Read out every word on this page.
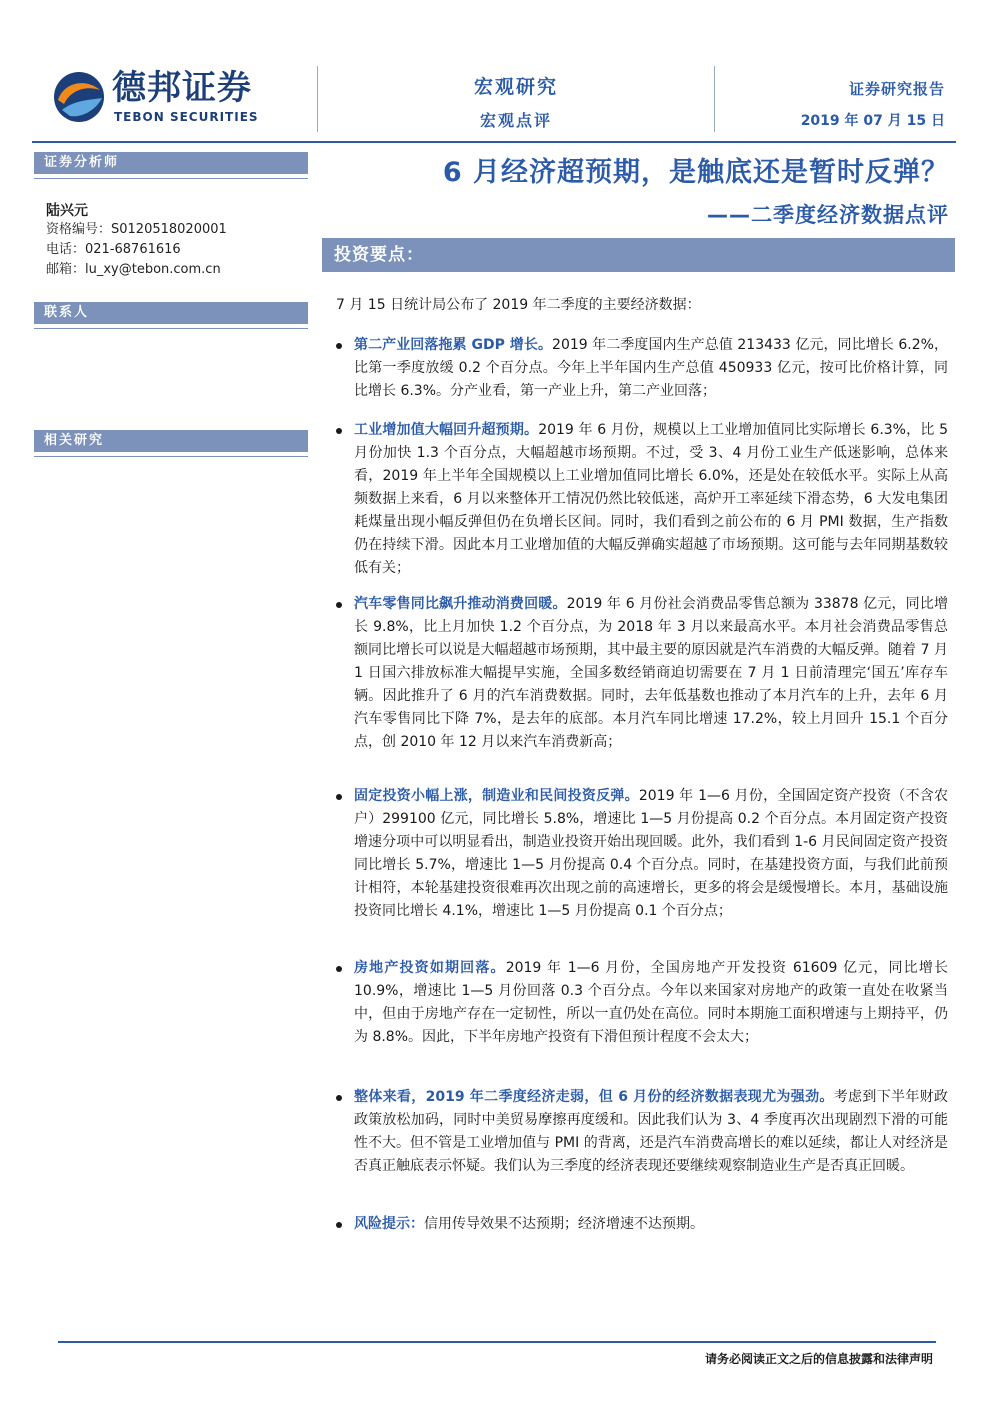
德邦证券
TEBON SECURITIES
宏观研究
宏观点评
证券研究报告
2019 年 07 月 15 日
证券分析师
陆兴元
资格编号：S0120518020001
电话：021-68761616
邮箱：lu_xy@tebon.com.cn
联系人
相关研究
6 月经济超预期，是触底还是暂时反弹？
——二季度经济数据点评
投资要点：
7 月 15 日统计局公布了 2019 年二季度的主要经济数据：
第二产业回落拖累 GDP 增长。2019 年二季度国内生产总值 213433 亿元，同比增长 6.2%，比第一季度放缓 0.2 个百分点。今年上半年国内生产总值 450933 亿元，按可比价格计算，同比增长 6.3%。分产业看，第一产业上升，第二产业回落；
工业增加值大幅回升超预期。2019 年 6 月份，规模以上工业增加值同比实际增长 6.3%，比 5 月份加快 1.3 个百分点，大幅超越市场预期。不过，受 3、4 月份工业生产低迷影响，总体来看，2019 年上半年全国规模以上工业增加值同比增长 6.0%，还是处在较低水平。实际上从高频数据上来看，6 月以来整体开工情况仍然比较低迷，高炉开工率延续下滑态势，6 大发电集团耗煤量出现小幅反弹但仍在负增长区间。同时，我们看到之前公布的 6 月 PMI 数据，生产指数仍在持续下滑。因此本月工业增加值的大幅反弹确实超越了市场预期。这可能与去年同期基数较低有关；
汽车零售同比飙升推动消费回暖。2019 年 6 月份社会消费品零售总额为 33878 亿元，同比增长 9.8%，比上月加快 1.2 个百分点，为 2018 年 3 月以来最高水平。本月社会消费品零售总额同比增长可以说是大幅超越市场预期，其中最主要的原因就是汽车消费的大幅反弹。随着 7 月 1 日国六排放标准大幅提早实施，全国多数经销商迫切需要在 7 月 1 日前清理完‘国五’库存车辆。因此推升了 6 月的汽车消费数据。同时，去年低基数也推动了本月汽车的上升，去年 6 月汽车零售同比下降 7%，是去年的底部。本月汽车同比增速 17.2%，较上月回升 15.1 个百分点，创 2010 年 12 月以来汽车消费新高；
固定投资小幅上涨，制造业和民间投资反弹。2019 年 1—6 月份，全国固定资产投资（不含农户）299100 亿元，同比增长 5.8%，增速比 1—5 月份提高 0.2 个百分点。本月固定资产投资增速分项中可以明显看出，制造业投资开始出现回暖。此外，我们看到 1-6 月民间固定资产投资同比增长 5.7%，增速比 1—5 月份提高 0.4 个百分点。同时，在基建投资方面，与我们此前预计相符，本轮基建投资很难再次出现之前的高速增长，更多的将会是缓慢增长。本月，基础设施投资同比增长 4.1%，增速比 1—5 月份提高 0.1 个百分点；
房地产投资如期回落。2019 年 1—6 月份，全国房地产开发投资 61609 亿元，同比增长 10.9%，增速比 1—5 月份回落 0.3 个百分点。今年以来国家对房地产的政策一直处在收紧当中，但由于房地产存在一定韧性，所以一直仍处在高位。同时本期施工面积增速与上期持平，仍为 8.8%。因此，下半年房地产投资有下滑但预计程度不会太大；
整体来看，2019 年二季度经济走弱，但 6 月份的经济数据表现尤为强劲。考虑到下半年财政政策放松加码，同时中美贸易摩擦再度缓和。因此我们认为 3、4 季度再次出现剧烈下滑的可能性不大。但不管是工业增加值与 PMI 的背离，还是汽车消费高增长的难以延续，都让人对经济是否真正触底表示怀疑。我们认为三季度的经济表现还要继续观察制造业生产是否真正回暖。
风险提示：信用传导效果不达预期；经济增速不达预期。
请务必阅读正文之后的信息披露和法律声明
